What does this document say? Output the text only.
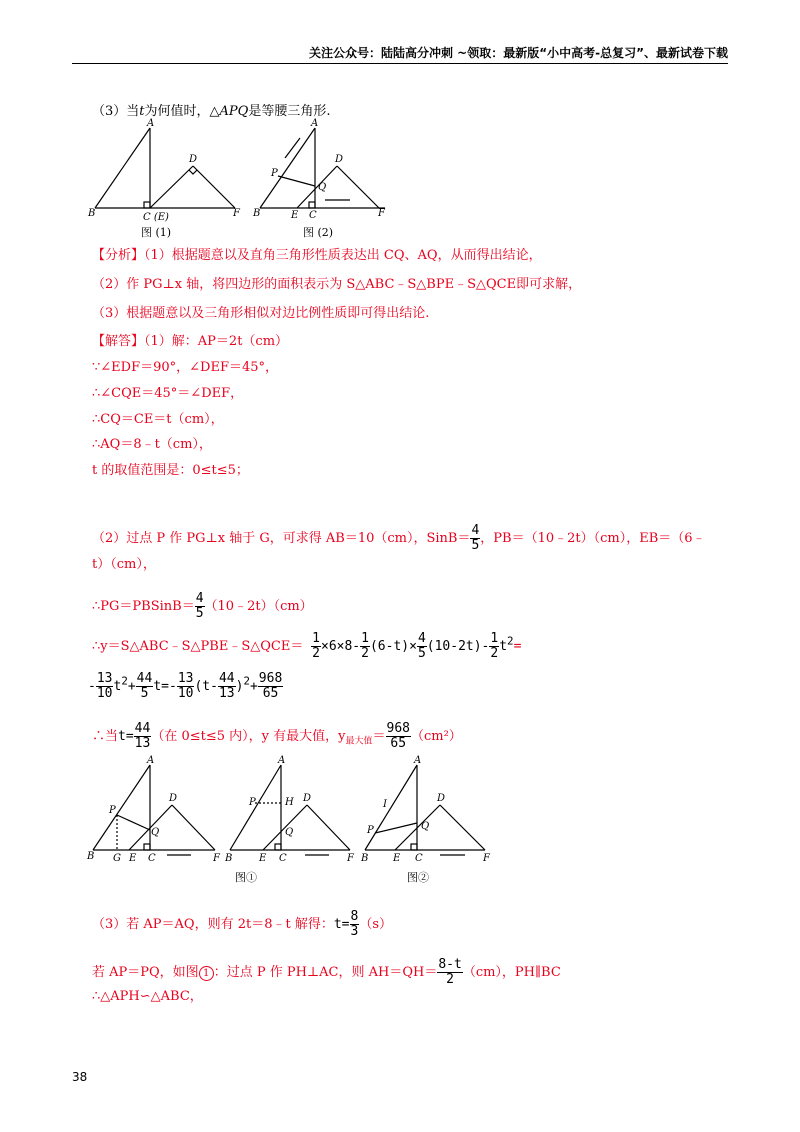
关注公众号：陆陆高分冲刺 ~领取：最新版“小中高考-总复习”、最新试卷下载
（3）当t为何值时，△APQ是等腰三角形.
A
B	C (E)
D
F
图 (1)
A
B
P
Q
E C
D
F
图 (2)
【分析】（1）根据题意以及直角三角形性质表达出 CQ、AQ，从而得出结论，
（2）作 PG⊥x 轴，将四边形的面积表示为 S△ABC﹣S△BPE﹣S△QCE即可求解，
（3）根据题意以及三角形相似对边比例性质即可得出结论.
【解答】（1）解：AP＝2t（cm）
∵∠EDF＝90°，∠DEF＝45°，
∴∠CQE＝45°＝∠DEF，
∴CQ＝CE＝t（cm），
∴AQ＝8﹣t（cm），
t 的取值范围是：0≤t≤5；
（2）过点 P 作 PG⊥x 轴于 G，可求得 AB＝10（cm），SinB＝ $\frac{4}{5}$ ，PB＝（10﹣2t）（cm），EB＝（6﹣
t）（cm），
∴PG＝PBSinB＝ $\frac{4}{5}$ （10﹣2t）（cm）
∴y＝S△ABC﹣S△PBE﹣S△QCE＝ $\frac{1}{2} \times 6\times 8- \frac{1}{2} (6-t)\times \frac{4}{5} (10-2t)- \frac{1}{2} t^2=$
- $\frac{13}{10} t^2+ \frac{44}{5} t=- \frac{13}{10} (t- \frac{44}{13} )^2+ \frac{968}{65}$
∴当$t= \frac{44}{13}$ （在 0≤t≤5 内），y 有最大值，$y_{最大值}= \frac{968}{65} (cm^2)$
A
P
Q
D
B G E C	F
A
P	H
Q
D
B	E C	F
图①
A
I
P	Q
D
B E C	F
图②
（3）若 AP＝AQ，则有 2t＝8﹣t 解得：$t= \frac{8}{3} (s)$
若 AP＝PQ，如图 1 ：过点 P 作 PH⊥AC，则 $AH=QH= \frac{8-t}{2} (cm)$，PH∥BC
∴△APH∽△ABC，
38
